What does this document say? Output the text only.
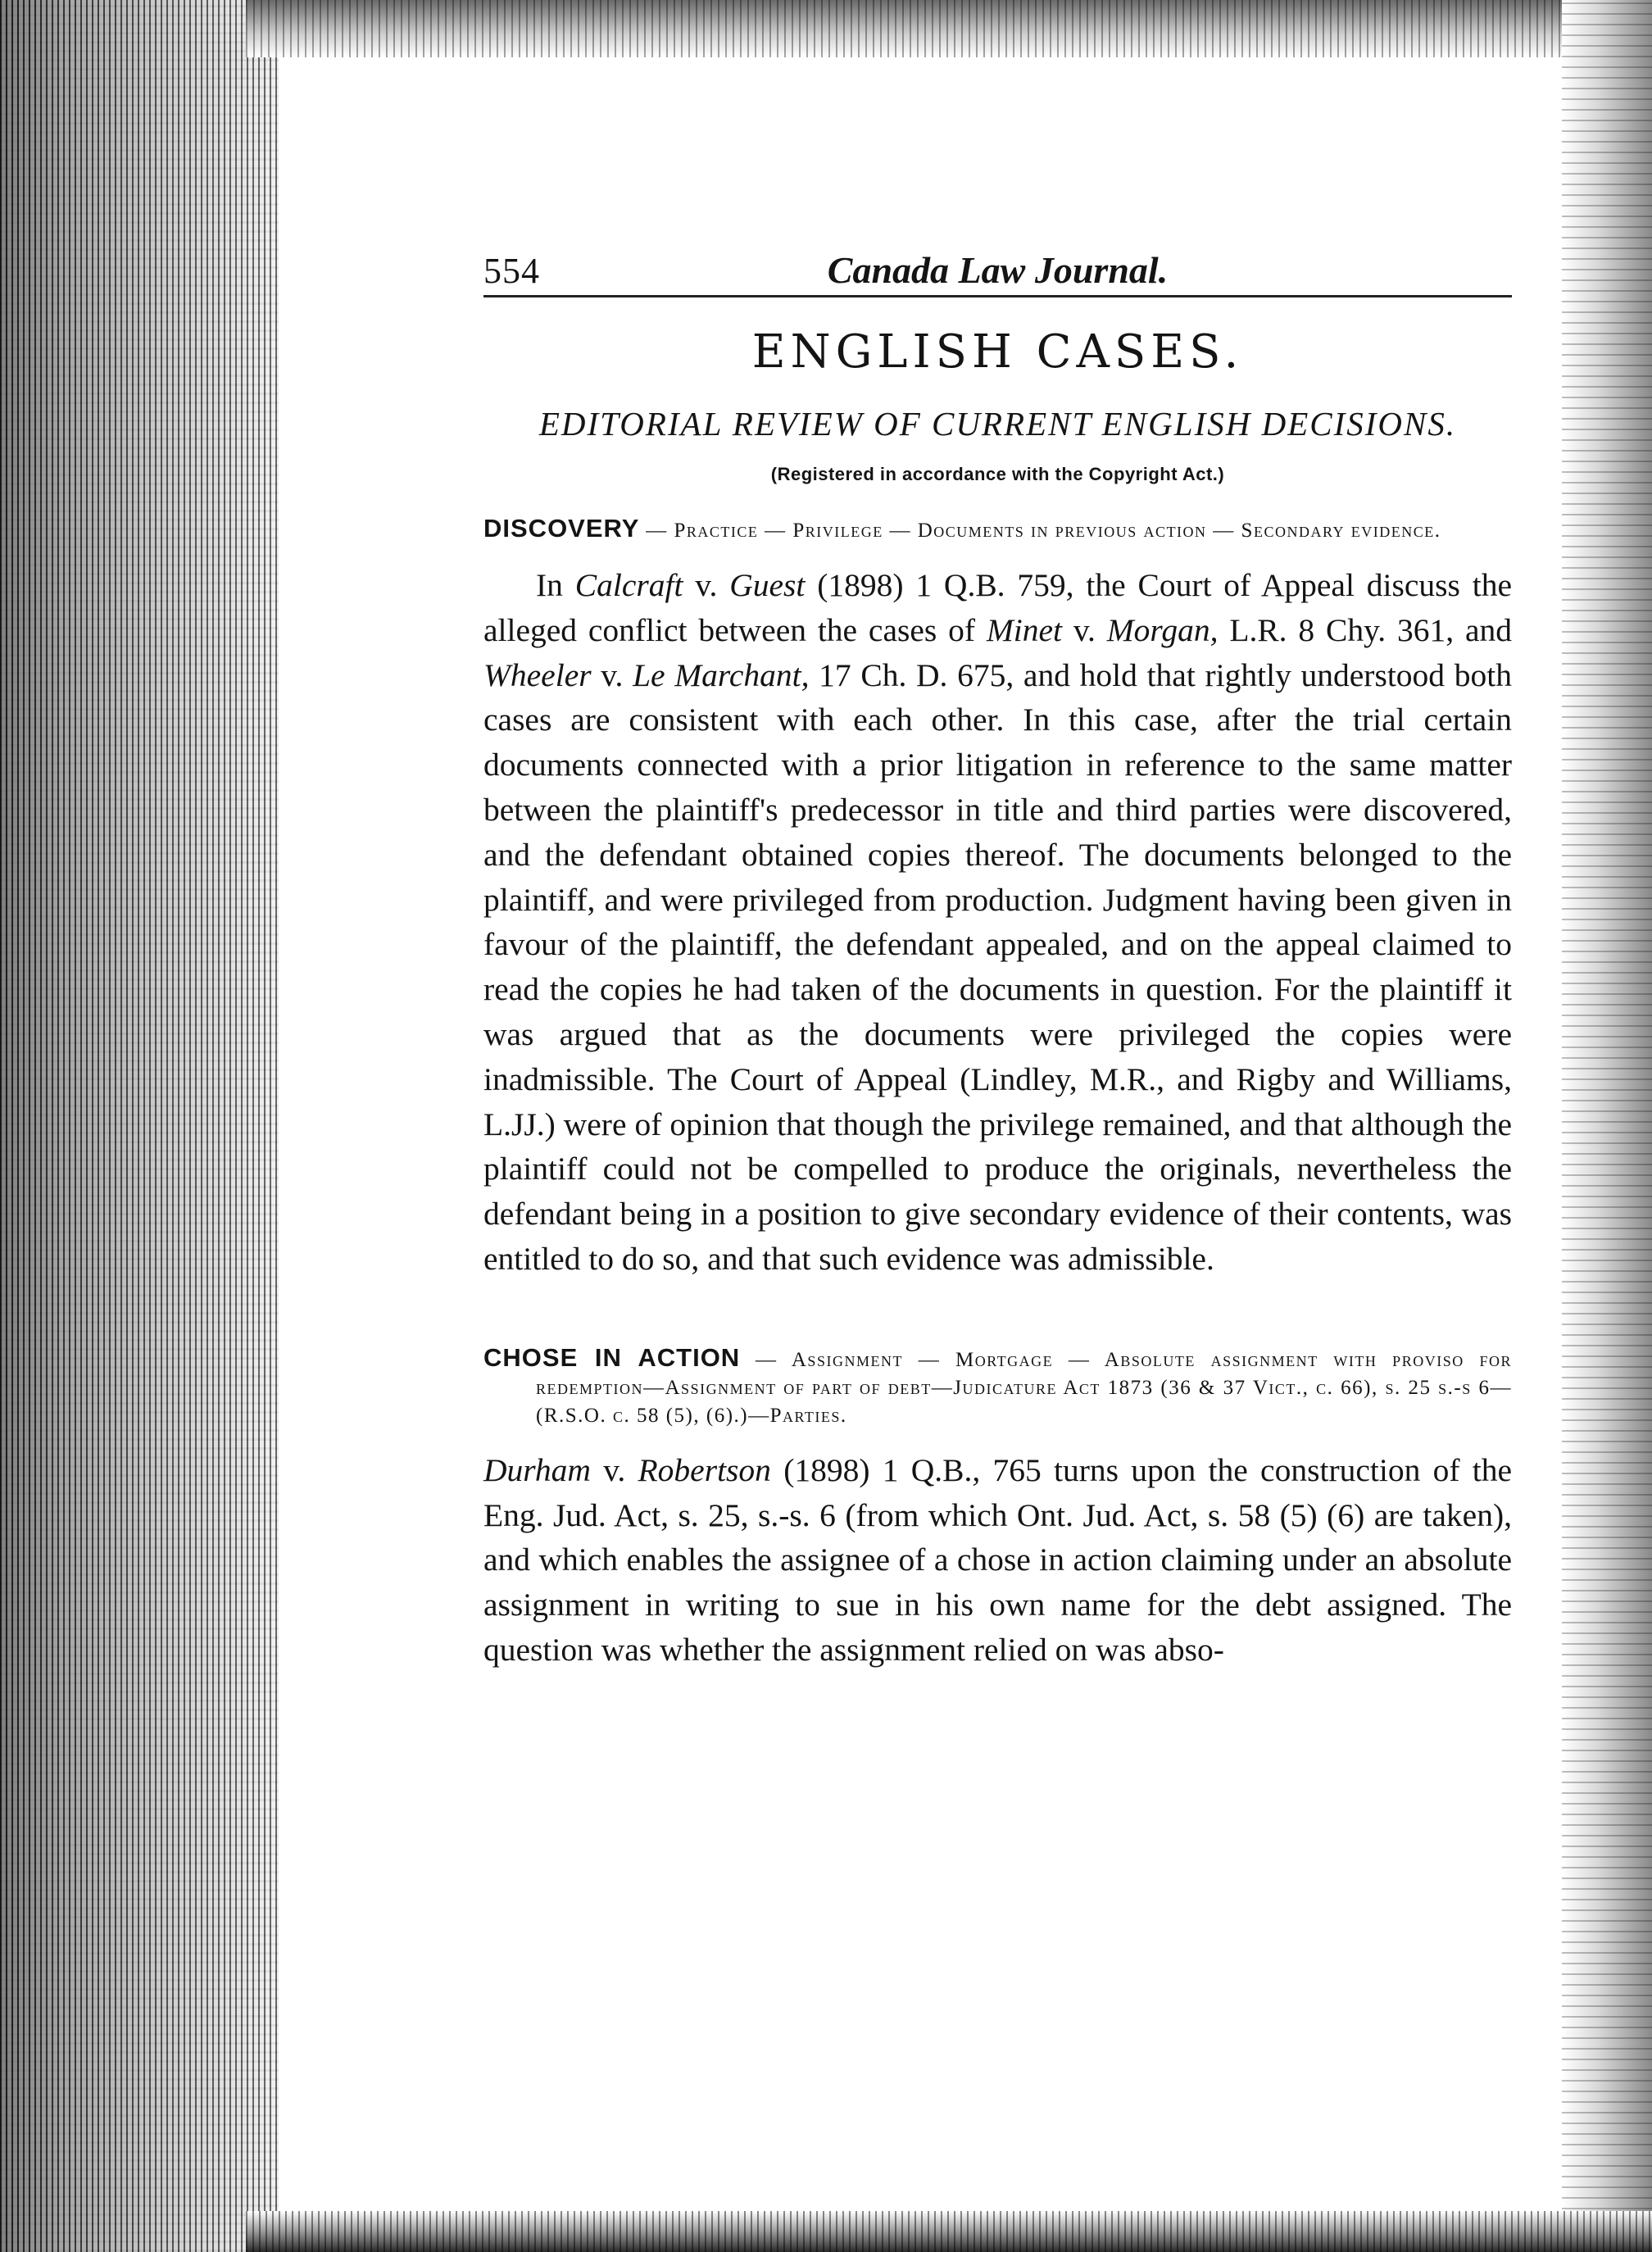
554	Canada Law Journal.
ENGLISH CASES.
EDITORIAL REVIEW OF CURRENT ENGLISH DECISIONS.
(Registered in accordance with the Copyright Act.)
DISCOVERY — Practice — Privilege — Documents in previous action — Secondary evidence.

In Calcraft v. Guest (1898) 1 Q.B. 759, the Court of Appeal discuss the alleged conflict between the cases of Minet v. Morgan, L.R. 8 Chy. 361, and Wheeler v. Le Marchant, 17 Ch. D. 675, and hold that rightly understood both cases are consistent with each other. In this case, after the trial certain documents connected with a prior litigation in reference to the same matter between the plaintiff's predecessor in title and third parties were discovered, and the defendant obtained copies thereof. The documents belonged to the plaintiff, and were privileged from production. Judgment having been given in favour of the plaintiff, the defendant appealed, and on the appeal claimed to read the copies he had taken of the documents in question. For the plaintiff it was argued that as the documents were privileged the copies were inadmissible. The Court of Appeal (Lindley, M.R., and Rigby and Williams, L.JJ.) were of opinion that though the privilege remained, and that although the plaintiff could not be compelled to produce the originals, nevertheless the defendant being in a position to give secondary evidence of their contents, was entitled to do so, and that such evidence was admissible.

CHOSE IN ACTION — Assignment — Mortgage — Absolute assignment with proviso for redemption—Assignment of part of debt—Judicature Act 1873 (36 & 37 Vict., c. 66), s. 25 s.-s 6—(R.S.O. c. 58 (5), (6).)—Parties.

Durham v. Robertson (1898) 1 Q.B., 765 turns upon the construction of the Eng. Jud. Act, s. 25, s.-s. 6 (from which Ont. Jud. Act, s. 58 (5) (6) are taken), and which enables the assignee of a chose in action claiming under an absolute assignment in writing to sue in his own name for the debt assigned. The question was whether the assignment relied on was abso-
